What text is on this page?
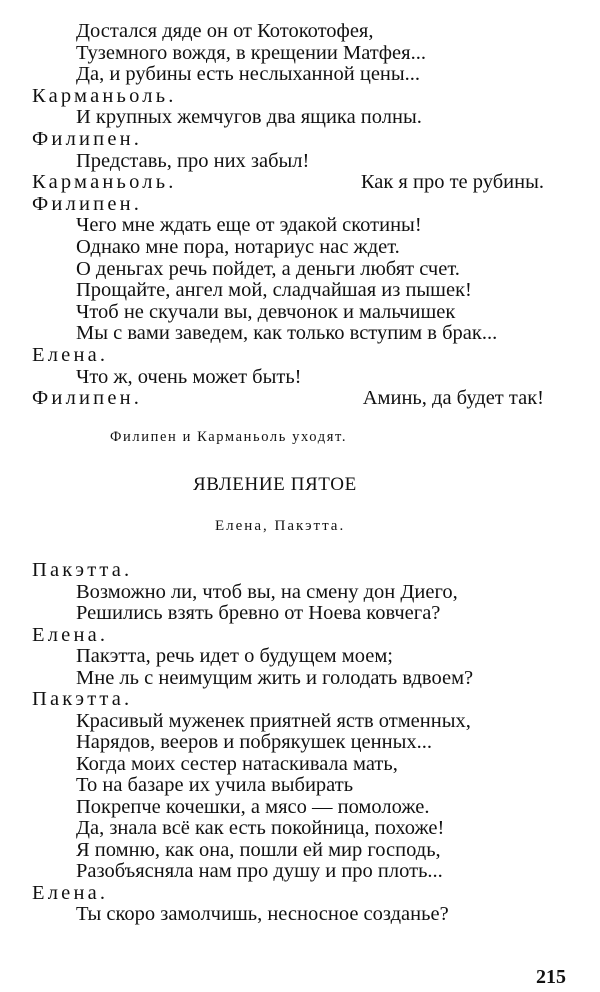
Достался дяде он от Котокотофея,
Туземного вождя, в крещении Матфея...
Да, и рубины есть неслыханной цены...
Карманьоль.
И крупных жемчугов два ящика полны.
Филипен.
Представь, про них забыл!
Карманьоль.	Как я про те рубины.
Филипен.
Чего мне ждать еще от эдакой скотины!
Однако мне пора, нотариус нас ждет.
О деньгах речь пойдет, а деньги любят счет.
Прощайте, ангел мой, сладчайшая из пышек!
Чтоб не скучали вы, девчонок и мальчишек
Мы с вами заведем, как только вступим в брак...
Елена.
Что ж, очень может быть!
Филипен.	Аминь, да будет так!
Филипен и Карманьоль уходят.
ЯВЛЕНИЕ ПЯТОЕ
Елена, Пакэтта.
Пакэтта.
Возможно ли, чтоб вы, на смену дон Диего,
Решились взять бревно от Ноева ковчега?
Елена.
Пакэтта, речь идет о будущем моем;
Мне ль с неимущим жить и голодать вдвоем?
Пакэтта.
Красивый муженек приятней яств отменных,
Нарядов, вееров и побрякушек ценных...
Когда моих сестер натаскивала мать,
То на базаре их учила выбирать
Покрепче кочешки, а мясо — помоложе.
Да, знала всё как есть покойница, похоже!
Я помню, как она, пошли ей мир господь,
Разобъясняла нам про душу и про плоть...
Елена.
Ты скоро замолчишь, несносное созданье?
215
